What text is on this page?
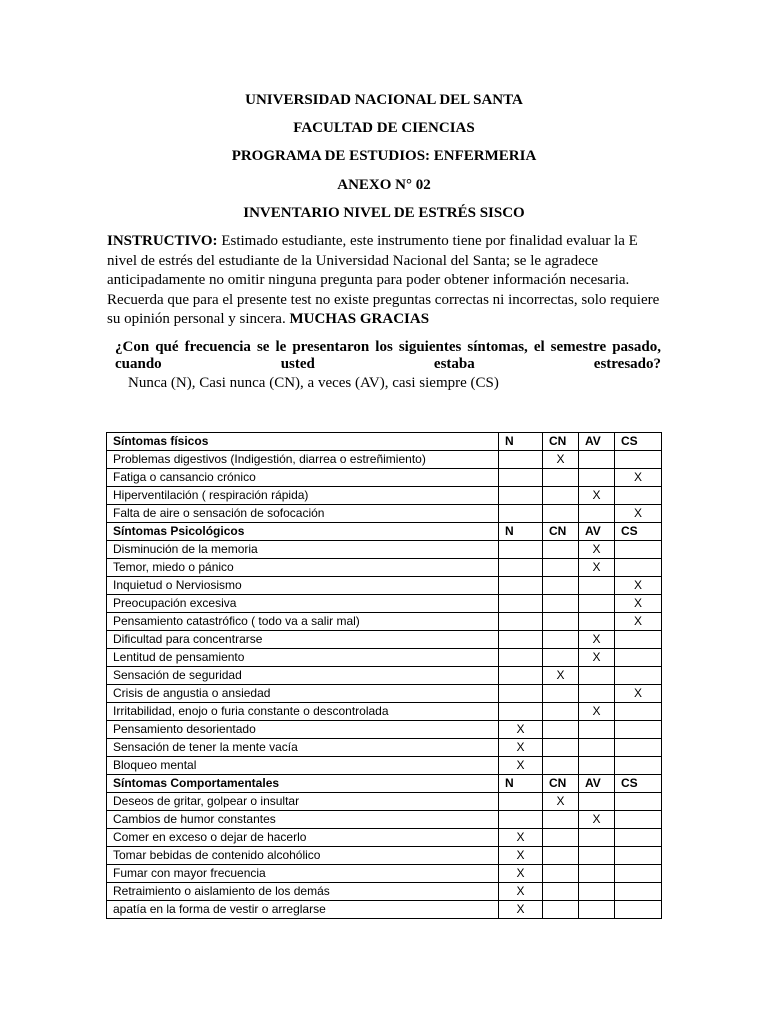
UNIVERSIDAD NACIONAL DEL SANTA
FACULTAD DE CIENCIAS
PROGRAMA DE ESTUDIOS: ENFERMERIA
ANEXO N° 02
INVENTARIO NIVEL DE ESTRÉS SISCO
INSTRUCTIVO: Estimado estudiante, este instrumento tiene por finalidad evaluar la E nivel de estrés del estudiante de la Universidad Nacional del Santa; se le agradece anticipadamente no omitir ninguna pregunta para poder obtener información necesaria. Recuerda que para el presente test no existe preguntas correctas ni incorrectas, solo requiere su opinión personal y sincera. MUCHAS GRACIAS
¿Con qué frecuencia se le presentaron los siguientes síntomas, el semestre pasado, cuando usted estaba estresado?
Nunca (N), Casi nunca (CN), a veces (AV), casi siempre (CS)
Síntomas físicos	N	CN	AV	CS
Problemas digestivos (Indigestión, diarrea o estreñimiento)		X		
Fatiga o cansancio crónico				X
Hiperventilación ( respiración rápida)			X	
Falta de aire o sensación de sofocación				X
Síntomas Psicológicos	N	CN	AV	CS
Disminución de la memoria			X	
Temor, miedo o pánico			X	
Inquietud o Nerviosismo				X
Preocupación excesiva				X
Pensamiento catastrófico ( todo va a salir mal)				X
Dificultad para concentrarse			X	
Lentitud de pensamiento			X	
Sensación de seguridad		X		
Crisis de angustia o ansiedad				X
Irritabilidad, enojo o furia constante o descontrolada			X	
Pensamiento desorientado	X			
Sensación de tener la mente vacía	X			
Bloqueo mental	X			
Síntomas Comportamentales	N	CN	AV	CS
Deseos de gritar, golpear o insultar		X		
Cambios de humor constantes			X	
Comer en exceso o dejar de hacerlo	X			
Tomar bebidas de contenido alcohólico	X			
Fumar con mayor frecuencia	X			
Retraimiento o aislamiento de los demás	X			
apatía en la forma de vestir o arreglarse	X			
